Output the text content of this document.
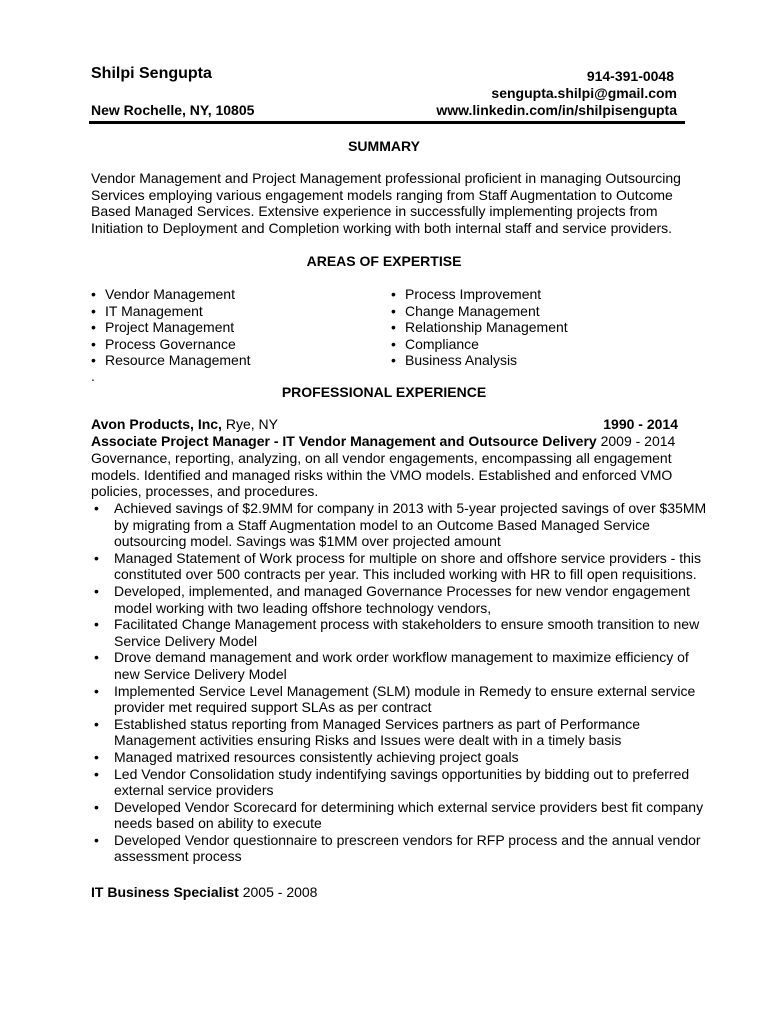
Shilpi Sengupta	914-391-0048
sengupta.shilpi@gmail.com
New Rochelle, NY, 10805	www.linkedin.com/in/shilpisengupta
SUMMARY
Vendor Management and Project Management professional proficient in managing Outsourcing
Services employing various engagement models ranging from Staff Augmentation to Outcome
Based Managed Services. Extensive experience in successfully implementing projects from
Initiation to Deployment and Completion working with both internal staff and service providers.
AREAS OF EXPERTISE
• Vendor Management
• IT Management
• Project Management
• Process Governance
• Resource Management
• Process Improvement
• Change Management
• Relationship Management
• Compliance
• Business Analysis
.
PROFESSIONAL EXPERIENCE
Avon Products, Inc, Rye, NY	1990 - 2014
Associate Project Manager - IT Vendor Management and Outsource Delivery 2009 - 2014
Governance, reporting, analyzing, on all vendor engagements, encompassing all engagement
models. Identified and managed risks within the VMO models. Established and enforced VMO
policies, processes, and procedures.
• Achieved savings of $2.9MM for company in 2013 with 5-year projected savings of over $35MM
by migrating from a Staff Augmentation model to an Outcome Based Managed Service
outsourcing model. Savings was $1MM over projected amount
• Managed Statement of Work process for multiple on shore and offshore service providers - this
constituted over 500 contracts per year. This included working with HR to fill open requisitions.
• Developed, implemented, and managed Governance Processes for new vendor engagement
model working with two leading offshore technology vendors,
• Facilitated Change Management process with stakeholders to ensure smooth transition to new
Service Delivery Model
• Drove demand management and work order workflow management to maximize efficiency of
new Service Delivery Model
• Implemented Service Level Management (SLM) module in Remedy to ensure external service
provider met required support SLAs as per contract
• Established status reporting from Managed Services partners as part of Performance
Management activities ensuring Risks and Issues were dealt with in a timely basis
• Managed matrixed resources consistently achieving project goals
• Led Vendor Consolidation study indentifying savings opportunities by bidding out to preferred
external service providers
• Developed Vendor Scorecard for determining which external service providers best fit company
needs based on ability to execute
• Developed Vendor questionnaire to prescreen vendors for RFP process and the annual vendor
assessment process
IT Business Specialist 2005 - 2008
